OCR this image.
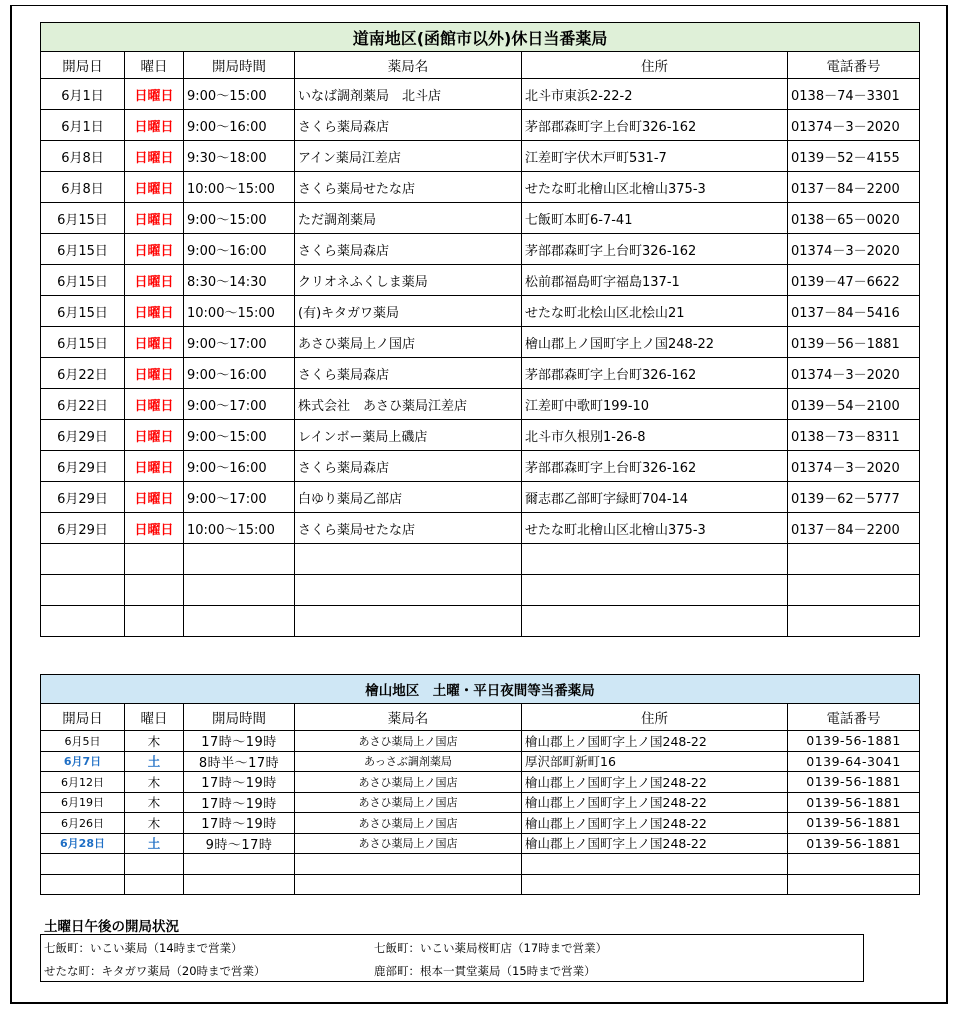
道南地区(函館市以外)休日当番薬局					
開局日	曜日	開局時間	薬局名	住所	電話番号
6月1日	日曜日	9:00～15:00	いなば調剤薬局　北斗店	北斗市東浜2-22-2	0138－74－3301
6月1日	日曜日	9:00～16:00	さくら薬局森店	茅部郡森町字上台町326-162	01374－3－2020
6月8日	日曜日	9:30～18:00	アイン薬局江差店	江差町字伏木戸町531-7	0139－52－4155
6月8日	日曜日	10:00～15:00	さくら薬局せたな店	せたな町北檜山区北檜山375-3	0137－84－2200
6月15日	日曜日	9:00～15:00	ただ調剤薬局	七飯町本町6-7-41	0138－65－0020
6月15日	日曜日	9:00～16:00	さくら薬局森店	茅部郡森町字上台町326-162	01374－3－2020
6月15日	日曜日	8:30～14:30	クリオネふくしま薬局	松前郡福島町字福島137-1	0139－47－6622
6月15日	日曜日	10:00～15:00	(有)キタガワ薬局	せたな町北桧山区北桧山21	0137－84－5416
6月15日	日曜日	9:00～17:00	あさひ薬局上ノ国店	檜山郡上ノ国町字上ノ国248-22	0139－56－1881
6月22日	日曜日	9:00～16:00	さくら薬局森店	茅部郡森町字上台町326-162	01374－3－2020
6月22日	日曜日	9:00～17:00	株式会社　あさひ薬局江差店	江差町中歌町199-10	0139－54－2100
6月29日	日曜日	9:00～15:00	レインボー薬局上磯店	北斗市久根別1-26-8	0138－73－8311
6月29日	日曜日	9:00～16:00	さくら薬局森店	茅部郡森町字上台町326-162	01374－3－2020
6月29日	日曜日	9:00～17:00	白ゆり薬局乙部店	爾志郡乙部町字緑町704-14	0139－62－5777
6月29日	日曜日	10:00～15:00	さくら薬局せたな店	せたな町北檜山区北檜山375-3	0137－84－2200

檜山地区　土曜・平日夜間等当番薬局					
開局日	曜日	開局時間	薬局名	住所	電話番号
6月5日	木	17時～19時	あさひ薬局上ノ国店	檜山郡上ノ国町字上ノ国248-22	0139-56-1881
6月7日	土	8時半～17時	あっさぶ調剤薬局	厚沢部町新町16	0139-64-3041
6月12日	木	17時～19時	あさひ薬局上ノ国店	檜山郡上ノ国町字上ノ国248-22	0139-56-1881
6月19日	木	17時～19時	あさひ薬局上ノ国店	檜山郡上ノ国町字上ノ国248-22	0139-56-1881
6月26日	木	17時～19時	あさひ薬局上ノ国店	檜山郡上ノ国町字上ノ国248-22	0139-56-1881
6月28日	土	9時～17時	あさひ薬局上ノ国店	檜山郡上ノ国町字上ノ国248-22	0139-56-1881

土曜日午後の開局状況
七飯町：いこい薬局（14時まで営業）	七飯町：いこい薬局桜町店（17時まで営業）
せたな町：キタガワ薬局（20時まで営業）	鹿部町：根本一貫堂薬局（15時まで営業）
